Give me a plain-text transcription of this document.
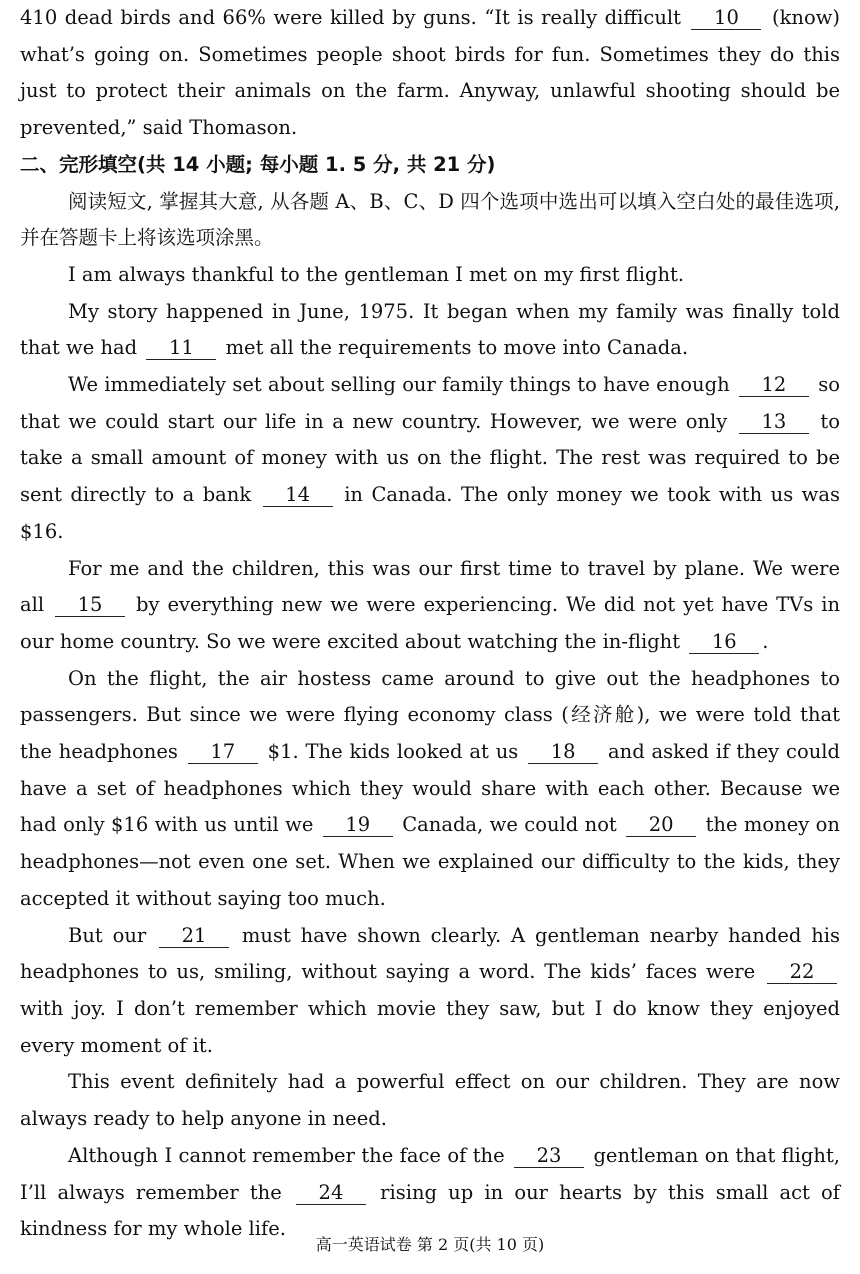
410 dead birds and 66% were killed by guns. “It is really difficult 10 (know) what’s going on. Sometimes people shoot birds for fun. Sometimes they do this just to protect their animals on the farm. Anyway, unlawful shooting should be prevented,” said Thomason.

二、完形填空(共 14 小题; 每小题 1. 5 分, 共 21 分)

阅读短文, 掌握其大意, 从各题 A、B、C、D 四个选项中选出可以填入空白处的最佳选项, 并在答题卡上将该选项涂黑。

I am always thankful to the gentleman I met on my first flight.

My story happened in June, 1975. It began when my family was finally told that we had 11 met all the requirements to move into Canada.

We immediately set about selling our family things to have enough 12 so that we could start our life in a new country. However, we were only 13 to take a small amount of money with us on the flight. The rest was required to be sent directly to a bank 14 in Canada. The only money we took with us was $16.

For me and the children, this was our first time to travel by plane. We were all 15 by everything new we were experiencing. We did not yet have TVs in our home country. So we were excited about watching the in-flight 16 .

On the flight, the air hostess came around to give out the headphones to passengers. But since we were flying economy class (经济舱), we were told that the headphones 17 $1. The kids looked at us 18 and asked if they could have a set of headphones which they would share with each other. Because we had only $16 with us until we 19 Canada, we could not 20 the money on headphones—not even one set. When we explained our difficulty to the kids, they accepted it without saying too much.

But our 21 must have shown clearly. A gentleman nearby handed his headphones to us, smiling, without saying a word. The kids’ faces were 22 with joy. I don’t remember which movie they saw, but I do know they enjoyed every moment of it.

This event definitely had a powerful effect on our children. They are now always ready to help anyone in need.

Although I cannot remember the face of the 23 gentleman on that flight, I’ll always remember the 24 rising up in our hearts by this small act of kindness for my whole life.

高一英语试卷 第 2 页(共 10 页)
